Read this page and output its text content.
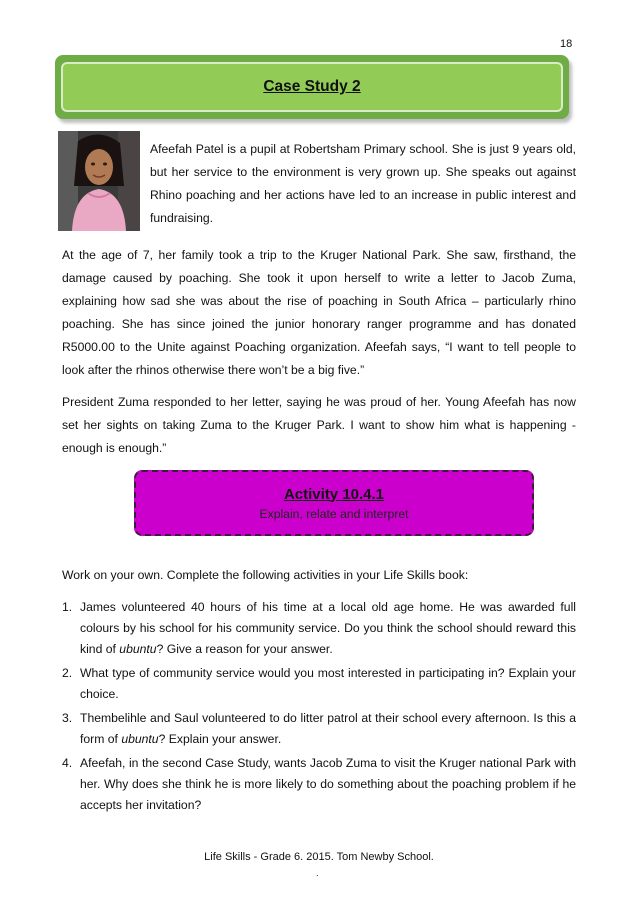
18
Case Study 2
Afeefah Patel is a pupil at Robertsham Primary school. She is just 9 years old, but her service to the environment is very grown up. She speaks out against Rhino poaching and her actions have led to an increase in public interest and fundraising.
At the age of 7, her family took a trip to the Kruger National Park. She saw, firsthand, the damage caused by poaching. She took it upon herself to write a letter to Jacob Zuma, explaining how sad she was about the rise of poaching in South Africa – particularly rhino poaching. She has since joined the junior honorary ranger programme and has donated R5000.00 to the Unite against Poaching organization. Afeefah says, “I want to tell people to look after the rhinos otherwise there won’t be a big five.”
President Zuma responded to her letter, saying he was proud of her. Young Afeefah has now set her sights on taking Zuma to the Kruger Park. I want to show him what is happening - enough is enough.”
Activity 10.4.1
Explain, relate and interpret
Work on your own. Complete the following activities in your Life Skills book:
1. James volunteered 40 hours of his time at a local old age home. He was awarded full colours by his school for his community service. Do you think the school should reward this kind of ubuntu? Give a reason for your answer.
2. What type of community service would you most interested in participating in? Explain your choice.
3. Thembelihle and Saul volunteered to do litter patrol at their school every afternoon. Is this a form of ubuntu? Explain your answer.
4. Afeefah, in the second Case Study, wants Jacob Zuma to visit the Kruger national Park with her. Why does she think he is more likely to do something about the poaching problem if he accepts her invitation?
Life Skills - Grade 6. 2015. Tom Newby School.
.
